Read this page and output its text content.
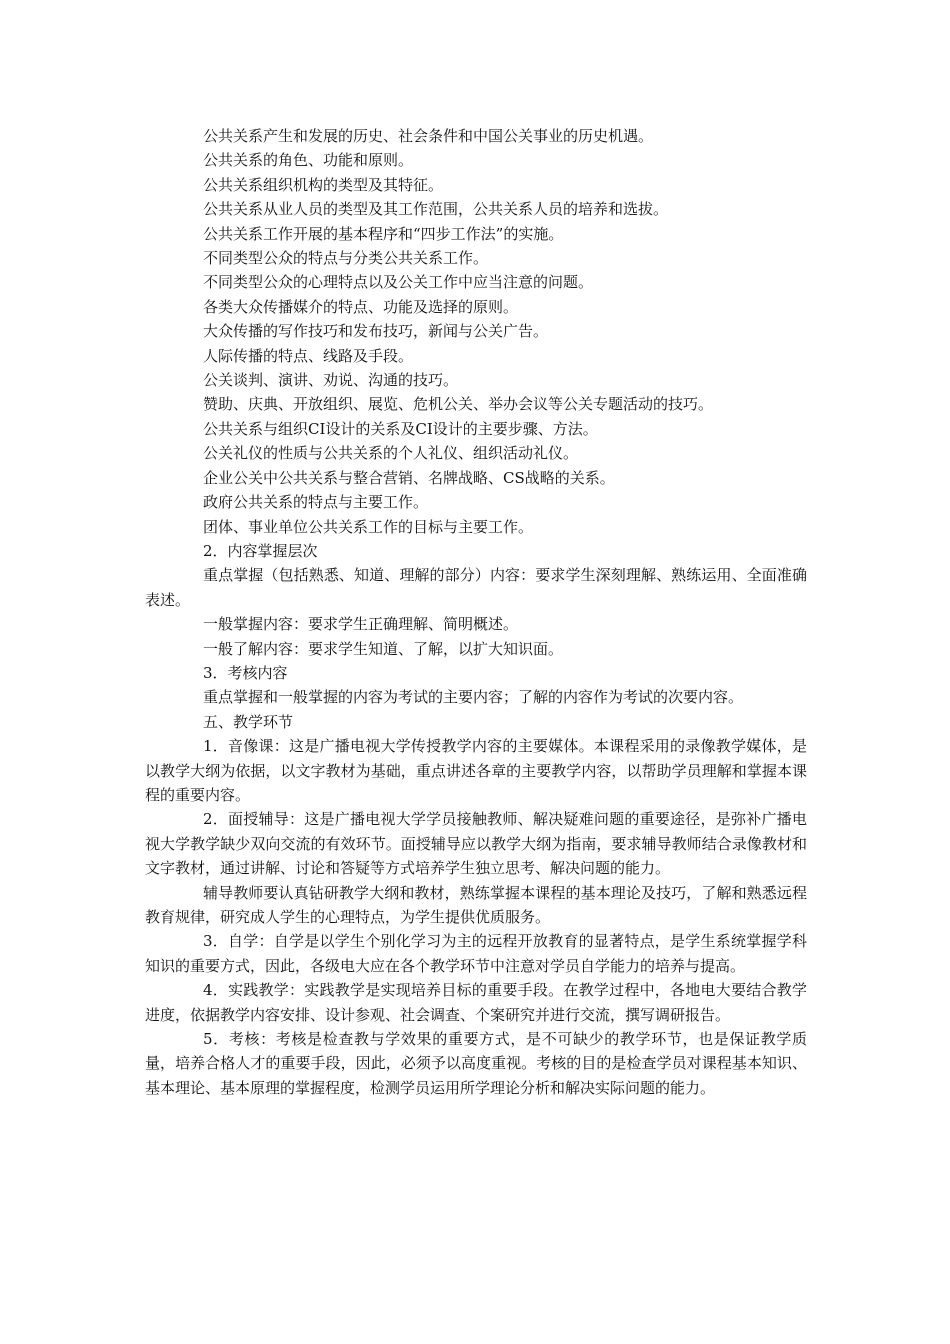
公共关系产生和发展的历史、社会条件和中国公关事业的历史机遇。

公共关系的角色、功能和原则。

公共关系组织机构的类型及其特征。

公共关系从业人员的类型及其工作范围，公共关系人员的培养和选拔。

公共关系工作开展的基本程序和“四步工作法”的实施。

不同类型公众的特点与分类公共关系工作。

不同类型公众的心理特点以及公关工作中应当注意的问题。

各类大众传播媒介的特点、功能及选择的原则。

大众传播的写作技巧和发布技巧，新闻与公关广告。

人际传播的特点、线路及手段。

公关谈判、演讲、劝说、沟通的技巧。

赞助、庆典、开放组织、展览、危机公关、举办会议等公关专题活动的技巧。

公共关系与组织CI设计的关系及CI设计的主要步骤、方法。

公关礼仪的性质与公共关系的个人礼仪、组织活动礼仪。

企业公关中公共关系与整合营销、名牌战略、CS战略的关系。

政府公共关系的特点与主要工作。

团体、事业单位公共关系工作的目标与主要工作。

2．内容掌握层次

重点掌握（包括熟悉、知道、理解的部分）内容：要求学生深刻理解、熟练运用、全面准确表述。

一般掌握内容：要求学生正确理解、简明概述。

一般了解内容：要求学生知道、了解，以扩大知识面。

3．考核内容

重点掌握和一般掌握的内容为考试的主要内容；了解的内容作为考试的次要内容。

五、教学环节

1．音像课：这是广播电视大学传授教学内容的主要媒体。本课程采用的录像教学媒体，是以教学大纲为依据，以文字教材为基础，重点讲述各章的主要教学内容，以帮助学员理解和掌握本课程的重要内容。

2．面授辅导：这是广播电视大学学员接触教师、解决疑难问题的重要途径，是弥补广播电视大学教学缺少双向交流的有效环节。面授辅导应以教学大纲为指南，要求辅导教师结合录像教材和文字教材，通过讲解、讨论和答疑等方式培养学生独立思考、解决问题的能力。

辅导教师要认真钻研教学大纲和教材，熟练掌握本课程的基本理论及技巧，了解和熟悉远程教育规律，研究成人学生的心理特点，为学生提供优质服务。

3．自学：自学是以学生个别化学习为主的远程开放教育的显著特点，是学生系统掌握学科知识的重要方式，因此，各级电大应在各个教学环节中注意对学员自学能力的培养与提高。

4．实践教学：实践教学是实现培养目标的重要手段。在教学过程中，各地电大要结合教学进度，依据教学内容安排、设计参观、社会调查、个案研究并进行交流，撰写调研报告。

5．考核：考核是检查教与学效果的重要方式，是不可缺少的教学环节，也是保证教学质量，培养合格人才的重要手段，因此，必须予以高度重视。考核的目的是检查学员对课程基本知识、基本理论、基本原理的掌握程度，检测学员运用所学理论分析和解决实际问题的能力。
